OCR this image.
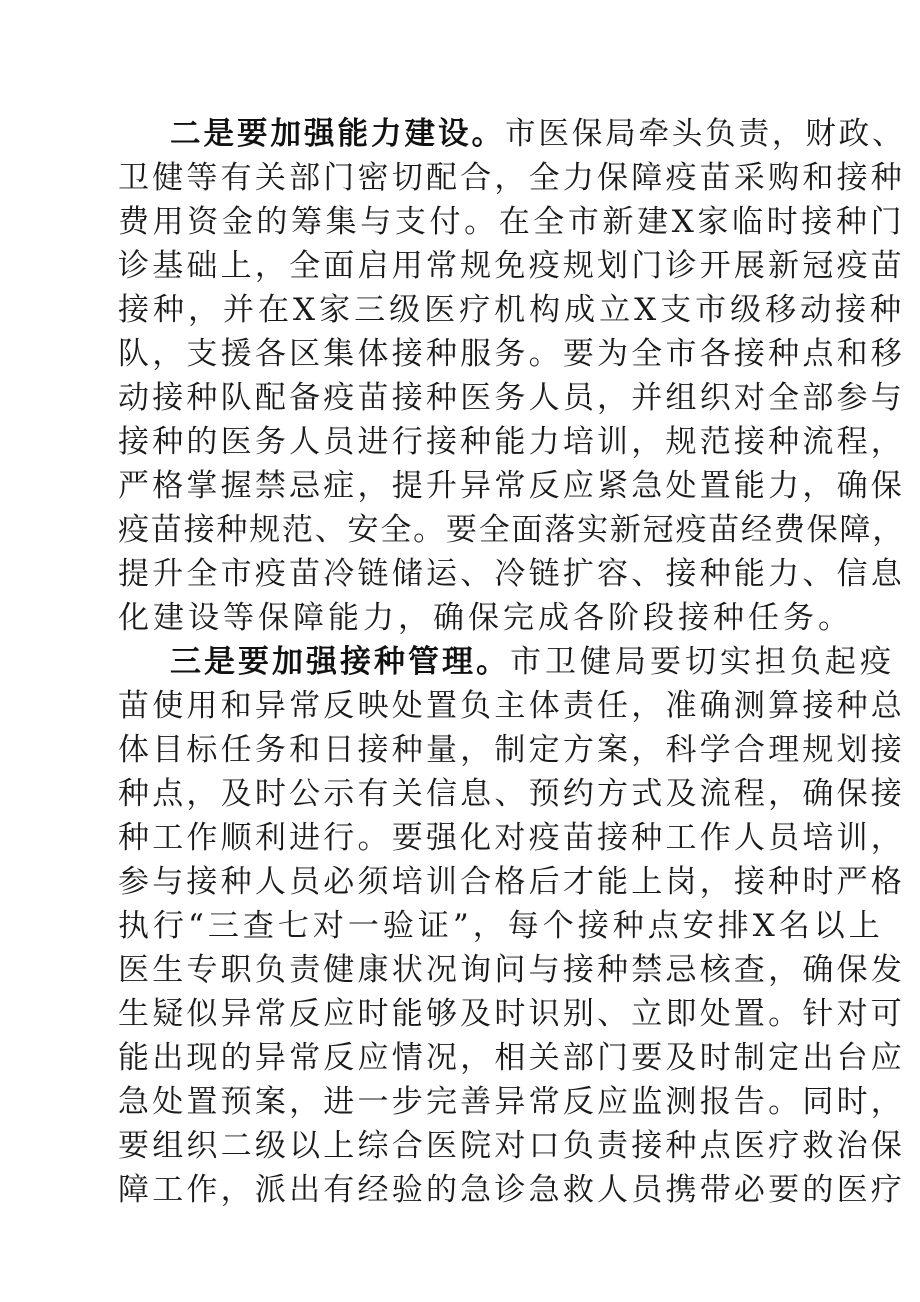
二是要加强能力建设。市医保局牵头负责，财政、
卫健等有关部门密切配合，全力保障疫苗采购和接种
费用资金的筹集与支付。在全市新建X家临时接种门
诊基础上，全面启用常规免疫规划门诊开展新冠疫苗
接种，并在X家三级医疗机构成立X支市级移动接种
队，支援各区集体接种服务。要为全市各接种点和移
动接种队配备疫苗接种医务人员，并组织对全部参与
接种的医务人员进行接种能力培训，规范接种流程，
严格掌握禁忌症，提升异常反应紧急处置能力，确保
疫苗接种规范、安全。要全面落实新冠疫苗经费保障，
提升全市疫苗冷链储运、冷链扩容、接种能力、信息
化建设等保障能力，确保完成各阶段接种任务。
三是要加强接种管理。市卫健局要切实担负起疫
苗使用和异常反映处置负主体责任，准确测算接种总
体目标任务和日接种量，制定方案，科学合理规划接
种点，及时公示有关信息、预约方式及流程，确保接
种工作顺利进行。要强化对疫苗接种工作人员培训，
参与接种人员必须培训合格后才能上岗，接种时严格
执行“三查七对一验证”，每个接种点安排X名以上
医生专职负责健康状况询问与接种禁忌核查，确保发
生疑似异常反应时能够及时识别、立即处置。针对可
能出现的异常反应情况，相关部门要及时制定出台应
急处置预案，进一步完善异常反应监测报告。同时，
要组织二级以上综合医院对口负责接种点医疗救治保
障工作，派出有经验的急诊急救人员携带必要的医疗
